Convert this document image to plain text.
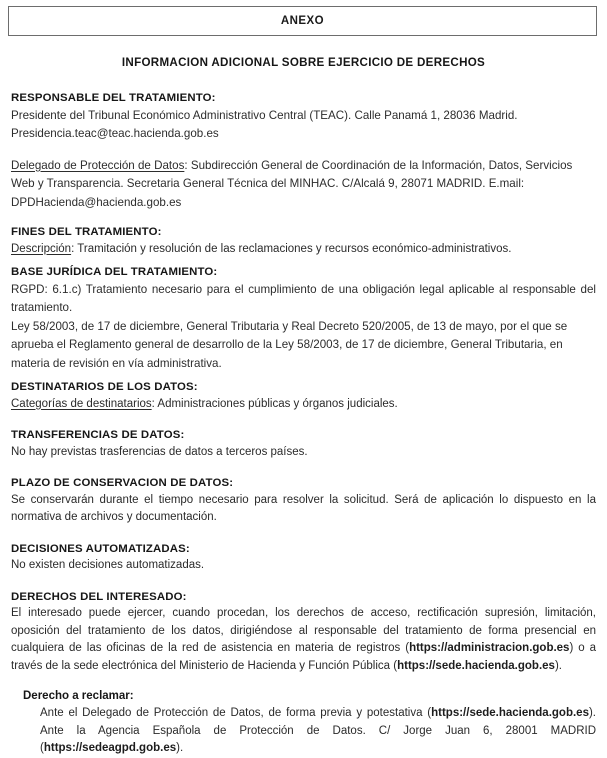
ANEXO
INFORMACION ADICIONAL SOBRE EJERCICIO DE DERECHOS
RESPONSABLE DEL TRATAMIENTO:
Presidente del Tribunal Económico Administrativo Central (TEAC). Calle Panamá 1, 28036 Madrid. Presidencia.teac@teac.hacienda.gob.es
Delegado de Protección de Datos: Subdirección General de Coordinación de la Información, Datos, Servicios Web y Transparencia. Secretaria General Técnica del MINHAC. C/Alcalá 9, 28071 MADRID. E.mail: DPDHacienda@hacienda.gob.es
FINES DEL TRATAMIENTO:
Descripción: Tramitación y resolución de las reclamaciones y recursos económico-administrativos.
BASE JURÍDICA DEL TRATAMIENTO:
RGPD: 6.1.c) Tratamiento necesario para el cumplimiento de una obligación legal aplicable al responsable del tratamiento.
Ley 58/2003, de 17 de diciembre, General Tributaria y Real Decreto 520/2005, de 13 de mayo, por el que se aprueba el Reglamento general de desarrollo de la Ley 58/2003, de 17 de diciembre, General Tributaria, en materia de revisión en vía administrativa.
DESTINATARIOS DE LOS DATOS:
Categorías de destinatarios: Administraciones públicas y órganos judiciales.
TRANSFERENCIAS DE DATOS:
No hay previstas trasferencias de datos a terceros países.
PLAZO DE CONSERVACION DE DATOS:
Se conservarán durante el tiempo necesario para resolver la solicitud. Será de aplicación lo dispuesto en la normativa de archivos y documentación.
DECISIONES AUTOMATIZADAS:
No existen decisiones automatizadas.
DERECHOS DEL INTERESADO:
El interesado puede ejercer, cuando procedan, los derechos de acceso, rectificación supresión, limitación, oposición del tratamiento de los datos, dirigiéndose al responsable del tratamiento de forma presencial en cualquiera de las oficinas de la red de asistencia en materia de registros (https://administracion.gob.es) o a través de la sede electrónica del Ministerio de Hacienda y Función Pública (https://sede.hacienda.gob.es).
Derecho a reclamar:
Ante el Delegado de Protección de Datos, de forma previa y potestativa (https://sede.hacienda.gob.es). Ante la Agencia Española de Protección de Datos. C/ Jorge Juan 6, 28001 MADRID (https://sedeagpd.gob.es).
